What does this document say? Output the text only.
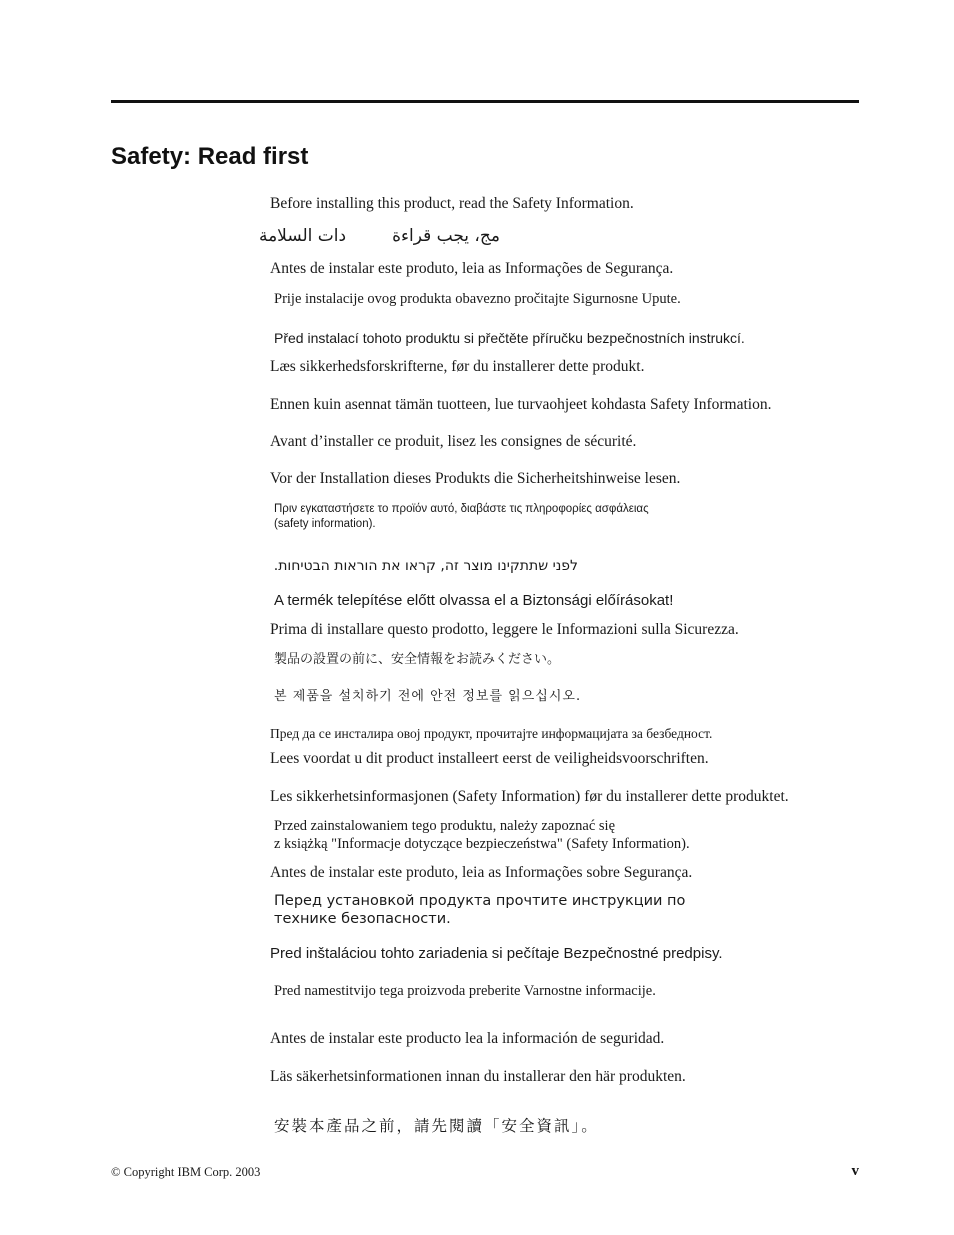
Safety: Read first
Before installing this product, read the Safety Information.
مج، يجب قراءةدات السلامة
Antes de instalar este produto, leia as Informações de Segurança.
Prije instalacije ovog produkta obavezno pročitajte Sigurnosne Upute.
Před instalací tohoto produktu si přečtěte příručku bezpečnostních instrukcí.
Læs sikkerhedsforskrifterne, før du installerer dette produkt.
Ennen kuin asennat tämän tuotteen, lue turvaohjeet kohdasta Safety Information.
Avant d’installer ce produit, lisez les consignes de sécurité.
Vor der Installation dieses Produkts die Sicherheitshinweise lesen.
Πριν εγκαταστήσετε το προϊόν αυτό, διαβάστε τις πληροφορίες ασφάλειας
(safety information).
לפני שתתקינו מוצר זה, קראו את הוראות הבטיחות.
A termék telepítése előtt olvassa el a Biztonsági előírásokat!
Prima di installare questo prodotto, leggere le Informazioni sulla Sicurezza.
製品の設置の前に、安全情報をお読みください。
본 제품을 설치하기 전에 안전 정보를 읽으십시오.
Пред да се инсталира овој продукт, прочитајте информацијата за безбедност.
Lees voordat u dit product installeert eerst de veiligheidsvoorschriften.
Les sikkerhetsinformasjonen (Safety Information) før du installerer dette produktet.
Przed zainstalowaniem tego produktu, należy zapoznać się
z książką "Informacje dotyczące bezpieczeństwa" (Safety Information).
Antes de instalar este produto, leia as Informações sobre Segurança.
Перед установкой продукта прочтите инструкции по
технике безопасности.
Pred inštaláciou tohto zariadenia si pečítaje Bezpečnostné predpisy.
Pred namestitvijo tega proizvoda preberite Varnostne informacije.
Antes de instalar este producto lea la información de seguridad.
Läs säkerhetsinformationen innan du installerar den här produkten.
安裝本產品之前，請先閱讀「安全資訊」。
© Copyright IBM Corp. 2003	v
